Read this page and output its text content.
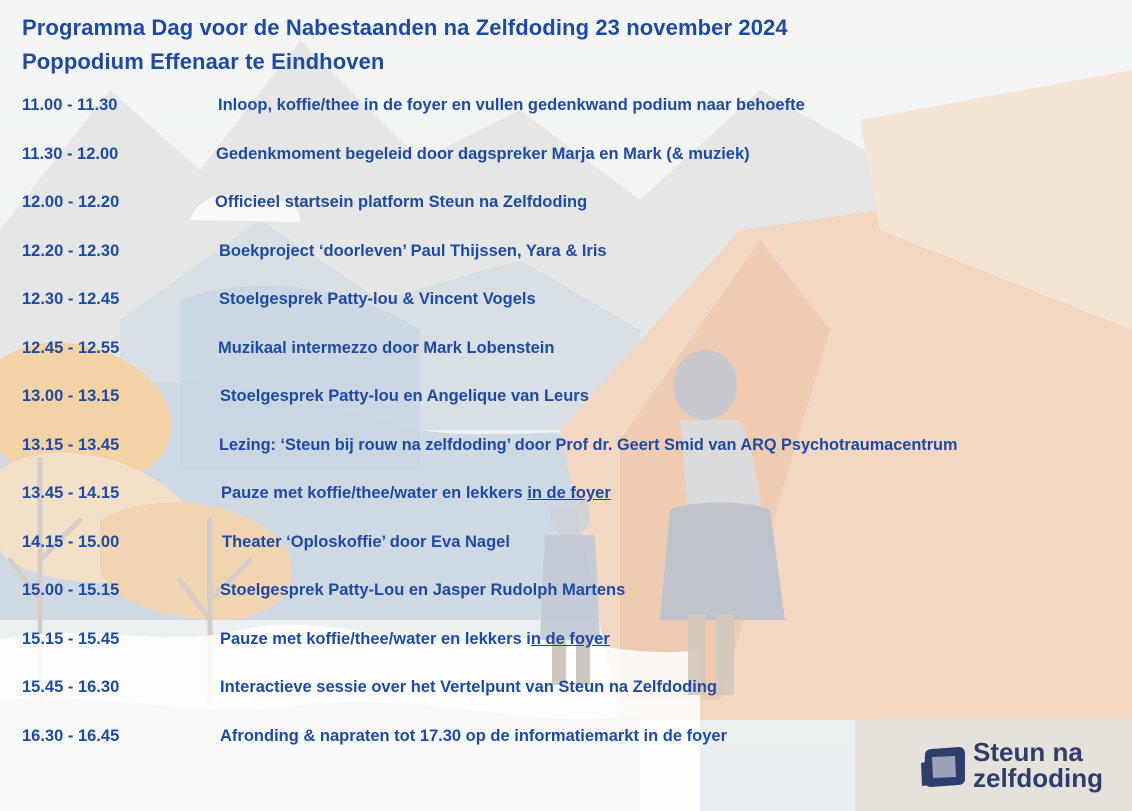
Programma Dag voor de Nabestaanden na Zelfdoding 23 november 2024
Poppodium Effenaar te Eindhoven
11.00 - 11.30	Inloop, koffie/thee in de foyer en vullen gedenkwand podium naar behoefte
11.30 - 12.00	Gedenkmoment begeleid door dagspreker Marja en Mark (& muziek)
12.00 - 12.20	Officieel startsein platform Steun na Zelfdoding
12.20 - 12.30	Boekproject ‘doorleven’ Paul Thijssen, Yara & Iris
12.30 - 12.45	Stoelgesprek Patty-lou & Vincent Vogels
12.45 - 12.55	Muzikaal intermezzo door Mark Lobenstein
13.00 - 13.15	Stoelgesprek Patty-lou en Angelique van Leurs
13.15 - 13.45	Lezing: ‘Steun bij rouw na zelfdoding’ door Prof dr. Geert Smid van ARQ Psychotraumacentrum
13.45 - 14.15	Pauze met koffie/thee/water en lekkers in de foyer
14.15 - 15.00	Theater ‘Oploskoffie’ door Eva Nagel
15.00 - 15.15	Stoelgesprek Patty-Lou en Jasper Rudolph Martens
15.15 - 15.45	Pauze met koffie/thee/water en lekkers in de foyer
15.45 - 16.30	Interactieve sessie over het Vertelpunt van Steun na Zelfdoding
16.30 - 16.45	Afronding & napraten tot 17.30 op de informatiemarkt in de foyer
Steun na
zelfdoding
